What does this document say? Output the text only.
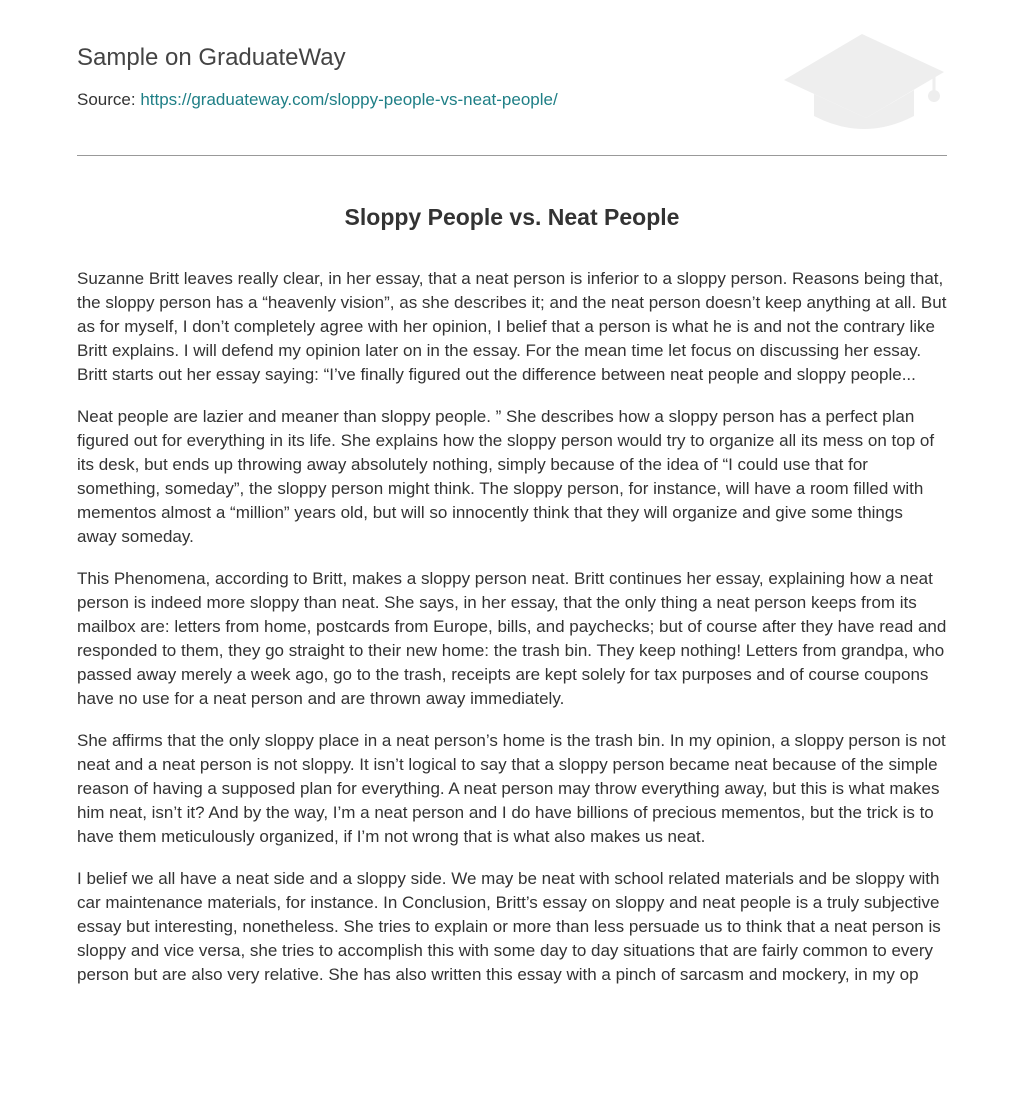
Sample on GraduateWay
Source: https://graduateway.com/sloppy-people-vs-neat-people/
Sloppy People vs. Neat People

Suzanne Britt leaves really clear, in her essay, that a neat person is inferior to a sloppy person. Reasons being that, the sloppy person has a “heavenly vision”, as she describes it; and the neat person doesn’t keep anything at all. But as for myself, I don’t completely agree with her opinion, I belief that a person is what he is and not the contrary like Britt explains. I will defend my opinion later on in the essay. For the mean time let focus on discussing her essay. Britt starts out her essay saying: “I’ve finally figured out the difference between neat people and sloppy people...

Neat people are lazier and meaner than sloppy people. ” She describes how a sloppy person has a perfect plan figured out for everything in its life. She explains how the sloppy person would try to organize all its mess on top of its desk, but ends up throwing away absolutely nothing, simply because of the idea of “I could use that for something, someday”, the sloppy person might think. The sloppy person, for instance, will have a room filled with mementos almost a “million” years old, but will so innocently think that they will organize and give some things away someday.

This Phenomena, according to Britt, makes a sloppy person neat. Britt continues her essay, explaining how a neat person is indeed more sloppy than neat. She says, in her essay, that the only thing a neat person keeps from its mailbox are: letters from home, postcards from Europe, bills, and paychecks; but of course after they have read and responded to them, they go straight to their new home: the trash bin. They keep nothing! Letters from grandpa, who passed away merely a week ago, go to the trash, receipts are kept solely for tax purposes and of course coupons have no use for a neat person and are thrown away immediately.

She affirms that the only sloppy place in a neat person’s home is the trash bin. In my opinion, a sloppy person is not neat and a neat person is not sloppy. It isn’t logical to say that a sloppy person became neat because of the simple reason of having a supposed plan for everything. A neat person may throw everything away, but this is what makes him neat, isn’t it? And by the way, I’m a neat person and I do have billions of precious mementos, but the trick is to have them meticulously organized, if I’m not wrong that is what also makes us neat.

I belief we all have a neat side and a sloppy side. We may be neat with school related materials and be sloppy with car maintenance materials, for instance. In Conclusion, Britt’s essay on sloppy and neat people is a truly subjective essay but interesting, nonetheless. She tries to explain or more than less persuade us to think that a neat person is sloppy and vice versa, she tries to accomplish this with some day to day situations that are fairly common to every person but are also very relative. She has also written this essay with a pinch of sarcasm and mockery, in my op
